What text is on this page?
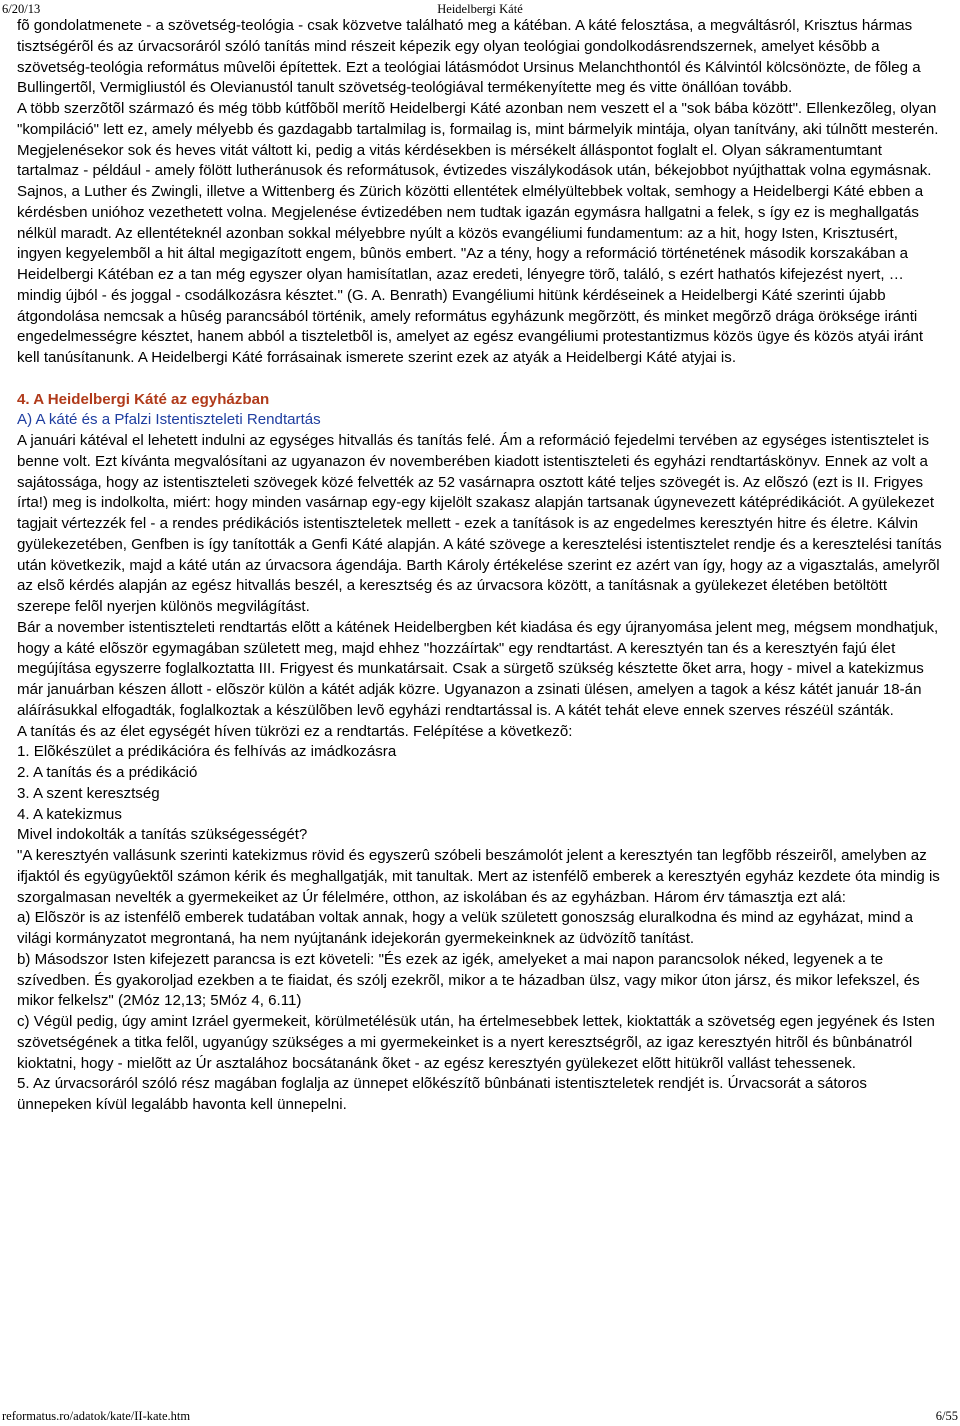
6/20/13	Heidelbergi Káté

fõ gondolatmenete - a szövetség-teológia - csak közvetve található meg a kátéban. A káté felosztása, a megváltásról, Krisztus hármas tisztségérõl és az úrvacsoráról szóló tanítás mind részeit képezik egy olyan teológiai gondolkodásrendszernek, amelyet késõbb a szövetség-teológia református mûvelõi építettek. Ezt a teológiai látásmódot Ursinus Melanchthontól és Kálvintól kölcsönözte, de fõleg a Bullingertõl, Vermigliustól és Olevianustól tanult szövetség-teológiával termékenyítette meg és vitte önállóan tovább.

A több szerzõtõl származó és még több kútfõbõl merítõ Heidelbergi Káté azonban nem veszett el a "sok bába között". Ellenkezõleg, olyan "kompiláció" lett ez, amely mélyebb és gazdagabb tartalmilag is, formailag is, mint bármelyik mintája, olyan tanítvány, aki túlnõtt mesterén. Megjelenésekor sok és heves vitát váltott ki, pedig a vitás kérdésekben is mérsékelt álláspontot foglalt el. Olyan sákramentumtant tartalmaz - például - amely fölött lutheránusok és reformátusok, évtizedes viszálykodások után, békejobbot nyújthattak volna egymásnak. Sajnos, a Luther és Zwingli, illetve a Wittenberg és Zürich közötti ellentétek elmélyültebbek voltak, semhogy a Heidelbergi Káté ebben a kérdésben unióhoz vezethetett volna. Megjelenése évtizedében nem tudtak igazán egymásra hallgatni a felek, s így ez is meghallgatás nélkül maradt. Az ellentéteknél azonban sokkal mélyebbre nyúlt a közös evangéliumi fundamentum: az a hit, hogy Isten, Krisztusért, ingyen kegyelembõl a hit által megigazított engem, bûnös embert. "Az a tény, hogy a reformáció történetének második korszakában a Heidelbergi Kátéban ez a tan még egyszer olyan hamisítatlan, azaz eredeti, lényegre törõ, találó, s ezért hathatós kifejezést nyert, … mindig újból - és joggal - csodálkozásra késztet." (G. A. Benrath) Evangéliumi hitünk kérdéseinek a Heidelbergi Káté szerinti újabb átgondolása nemcsak a hûség parancsából történik, amely református egyházunk megõrzött, és minket megõrzõ drága öröksége iránti engedelmességre késztet, hanem abból a tiszteletbõl is, amelyet az egész evangéliumi protestantizmus közös ügye és közös atyái iránt kell tanúsítanunk. A Heidelbergi Káté forrásainak ismerete szerint ezek az atyák a Heidelbergi Káté atyjai is.

4. A Heidelbergi Káté az egyházban

A) A káté és a Pfalzi Istentiszteleti Rendtartás

A januári kátéval el lehetett indulni az egységes hitvallás és tanítás felé. Ám a reformáció fejedelmi tervében az egységes istentisztelet is benne volt. Ezt kívánta megvalósítani az ugyanazon év novemberében kiadott istentiszteleti és egyházi rendtartáskönyv. Ennek az volt a sajátossága, hogy az istentiszteleti szövegek közé felvették az 52 vasárnapra osztott káté teljes szövegét is. Az elõszó (ezt is II. Frigyes írta!) meg is indolkolta, miért: hogy minden vasárnap egy-egy kijelölt szakasz alapján tartsanak úgynevezett kátéprédikációt. A gyülekezet tagjait vértezzék fel - a rendes prédikációs istentiszteletek mellett - ezek a tanítások is az engedelmes keresztyén hitre és életre. Kálvin gyülekezetében, Genfben is így tanították a Genfi Káté alapján. A káté szövege a keresztelési istentisztelet rendje és a keresztelési tanítás után következik, majd a káté után az úrvacsora ágendája. Barth Károly értékelése szerint ez azért van így, hogy az a vigasztalás, amelyrõl az elsõ kérdés alapján az egész hitvallás beszél, a keresztség és az úrvacsora között, a tanításnak a gyülekezet életében betöltött szerepe felõl nyerjen különös megvilágítást.

Bár a november istentiszteleti rendtartás elõtt a kátének Heidelbergben két kiadása és egy újranyomása jelent meg, mégsem mondhatjuk, hogy a káté elõször egymagában született meg, majd ehhez "hozzáírtak" egy rendtartást. A keresztyén tan és a keresztyén fajú élet megújítása egyszerre foglalkoztatta III. Frigyest és munkatársait. Csak a sürgetõ szükség késztette õket arra, hogy - mivel a katekizmus már januárban készen állott - elõször külön a kátét adják közre. Ugyanazon a zsinati ülésen, amelyen a tagok a kész kátét január 18-án aláírásukkal elfogadták, foglalkoztak a készülõben levõ egyházi rendtartással is. A kátét tehát eleve ennek szerves részéül szánták.

A tanítás és az élet egységét híven tükrözi ez a rendtartás. Felépítése a következõ:

1. Elõkészület a prédikációra és felhívás az imádkozásra

2. A tanítás és a prédikáció

3. A szent keresztség

4. A katekizmus

Mivel indokolták a tanítás szükségességét?

"A keresztyén vallásunk szerinti katekizmus rövid és egyszerû szóbeli beszámolót jelent a keresztyén tan legfõbb részeirõl, amelyben az ifjaktól és együgyûektõl számon kérik és meghallgatják, mit tanultak. Mert az istenfélõ emberek a keresztyén egyház kezdete óta mindig is szorgalmasan nevelték a gyermekeiket az Úr félelmére, otthon, az iskolában és az egyházban. Három érv támasztja ezt alá:

a) Elõször is az istenfélõ emberek tudatában voltak annak, hogy a velük született gonoszság eluralkodna és mind az egyházat, mind a világi kormányzatot megrontaná, ha nem nyújtanánk idejekorán gyermekeinknek az üdvözítõ tanítást.

b) Másodszor Isten kifejezett parancsa is ezt követeli: "És ezek az igék, amelyeket a mai napon parancsolok néked, legyenek a te szívedben. És gyakoroljad ezekben a te fiaidat, és szólj ezekrõl, mikor a te házadban ülsz, vagy mikor úton jársz, és mikor lefekszel, és mikor felkelsz" (2Móz 12,13; 5Móz 4, 6.11)

c) Végül pedig, úgy amint Izráel gyermekeit, körülmetélésük után, ha értelmesebbek lettek, kioktatták a szövetség egen jegyének és Isten szövetségének a titka felõl, ugyanúgy szükséges a mi gyermekeinket is a nyert keresztségrõl, az igaz keresztyén hitrõl és bûnbánatról kioktatni, hogy - mielõtt az Úr asztalához bocsátanánk õket - az egész keresztyén gyülekezet elõtt hitükrõl vallást tehessenek.

5. Az úrvacsoráról szóló rész magában foglalja az ünnepet elõkészítõ bûnbánati istentiszteletek rendjét is. Úrvacsorát a sátoros ünnepeken kívül legalább havonta kell ünnepelni.

reformatus.ro/adatok/kate/II-kate.htm	6/55
